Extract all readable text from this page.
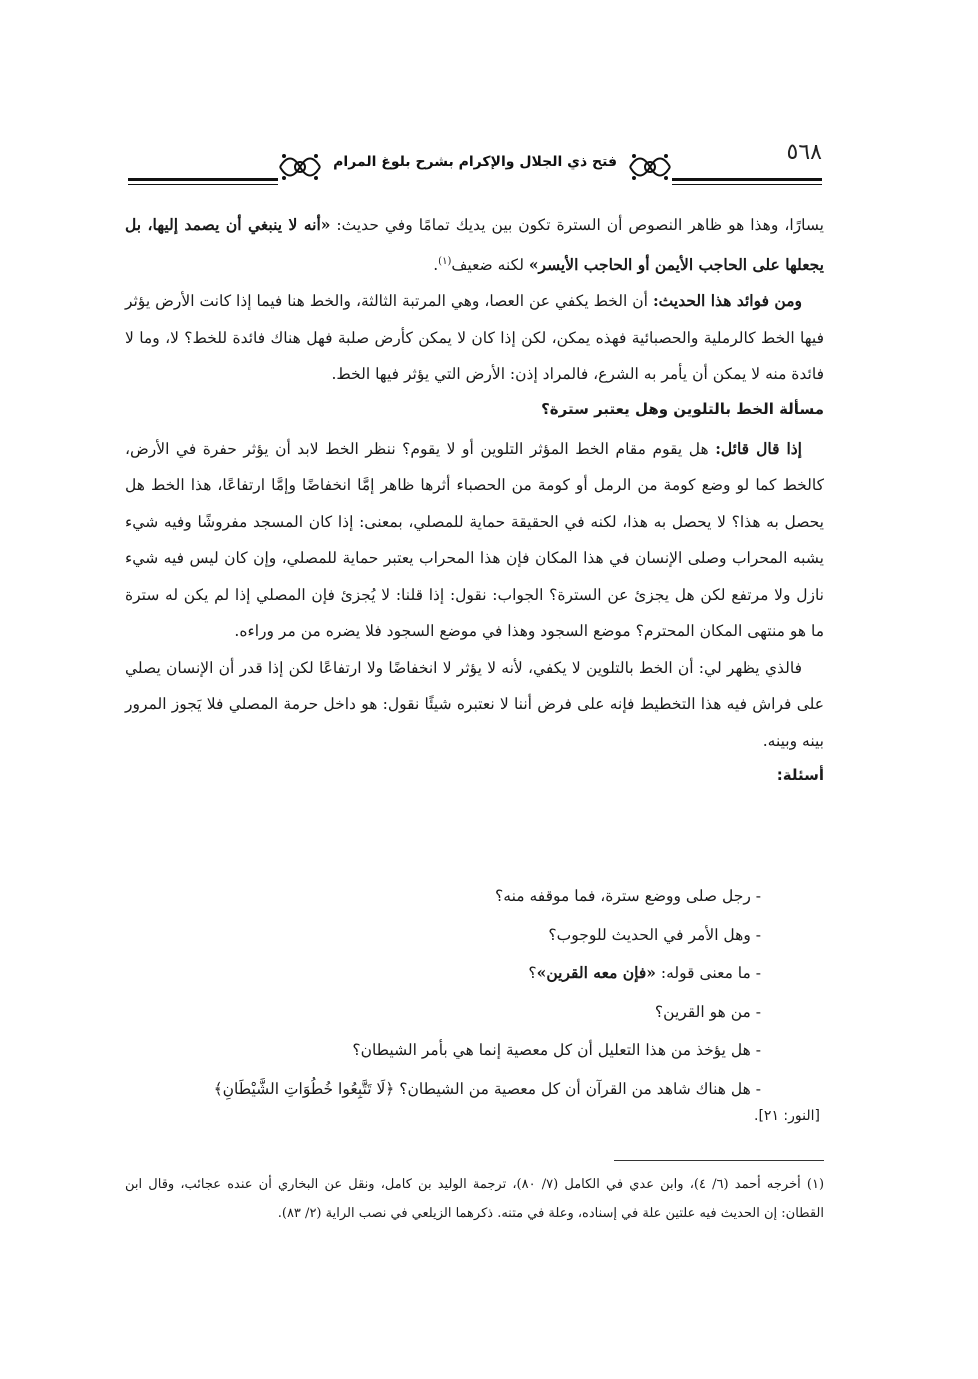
٥٦٨
فتح ذي الجلال والإكرام بشرح بلوغ المرام

يسارًا، وهذا هو ظاهر النصوص أن السترة تكون بين يديك تمامًا وفي حديث: «أنه لا ينبغي أن يصمد إليها، بل يجعلها على الحاجب الأيمن أو الحاجب الأيسر» لكنه ضعيف$^{(١)}$.

ومن فوائد هذا الحديث: أن الخط يكفي عن العصا، وهي المرتبة الثالثة، والخط هنا فيما إذا كانت الأرض يؤثر فيها الخط كالرملية والحصبائية فهذه يمكن، لكن إذا كان لا يمكن كأرض صلبة فهل هناك فائدة للخط؟ لا، وما لا فائدة منه لا يمكن أن يأمر به الشرع، فالمراد إذن: الأرض التي يؤثر فيها الخط.

مسألة الخط بالتلوين وهل يعتبر سترة؟

إذا قال قائل: هل يقوم مقام الخط المؤثر التلوين أو لا يقوم؟ ننظر الخط لابد أن يؤثر حفرة في الأرض، كالخط كما لو وضع كومة من الرمل أو كومة من الحصباء أثرها ظاهر إمَّا انخفاضًا وإمَّا ارتفاعًا، هذا الخط هل يحصل به هذا؟ لا يحصل به هذا، لكنه في الحقيقة حماية للمصلي، بمعنى: إذا كان المسجد مفروشًا وفيه شيء يشبه المحراب وصلى الإنسان في هذا المكان فإن هذا المحراب يعتبر حماية للمصلي، وإن كان ليس فيه شيء نازل ولا مرتفع لكن هل يجزئ عن السترة؟ الجواب: نقول: إذا قلنا: لا يُجزئ فإن المصلي إذا لم يكن له سترة ما هو منتهى المكان المحترم؟ موضع السجود وهذا في موضع السجود فلا يضره من مر وراءه.

فالذي يظهر لي: أن الخط بالتلوين لا يكفي، لأنه لا يؤثر لا انخفاضًا ولا ارتفاعًا لكن إذا قدر أن الإنسان يصلي على فراش فيه هذا التخطيط فإنه على فرض أننا لا نعتبره شيئًا نقول: هو داخل حرمة المصلي فلا يَجوز المرور بينه وبينه.

أسئلة:

- رجل صلى ووضع سترة، فما موقفه منه؟

- وهل الأمر في الحديث للوجوب؟

- ما معنى قوله: «فإن معه القرين»؟

- من هو القرين؟

- هل يؤخذ من هذا التعليل أن كل معصية إنما هي بأمر الشيطان؟

- هل هناك شاهد من القرآن أن كل معصية من الشيطان؟ ﴿لَا تَتَّبِعُوا خُطُوَاتِ الشَّيْطَانِ﴾

[النور: ٢١].

(١) أخرجه أحمد (٦/ ٤)، وابن عدي في الكامل (٧/ ٨٠)، ترجمة الوليد بن كامل، ونقل عن البخاري أن عنده عجائب، وقال ابن القطان: إن الحديث فيه علتين علة في إسناده، وعلة في متنه. ذكرهما الزيلعي في نصب الراية (٢/ ٨٣).
